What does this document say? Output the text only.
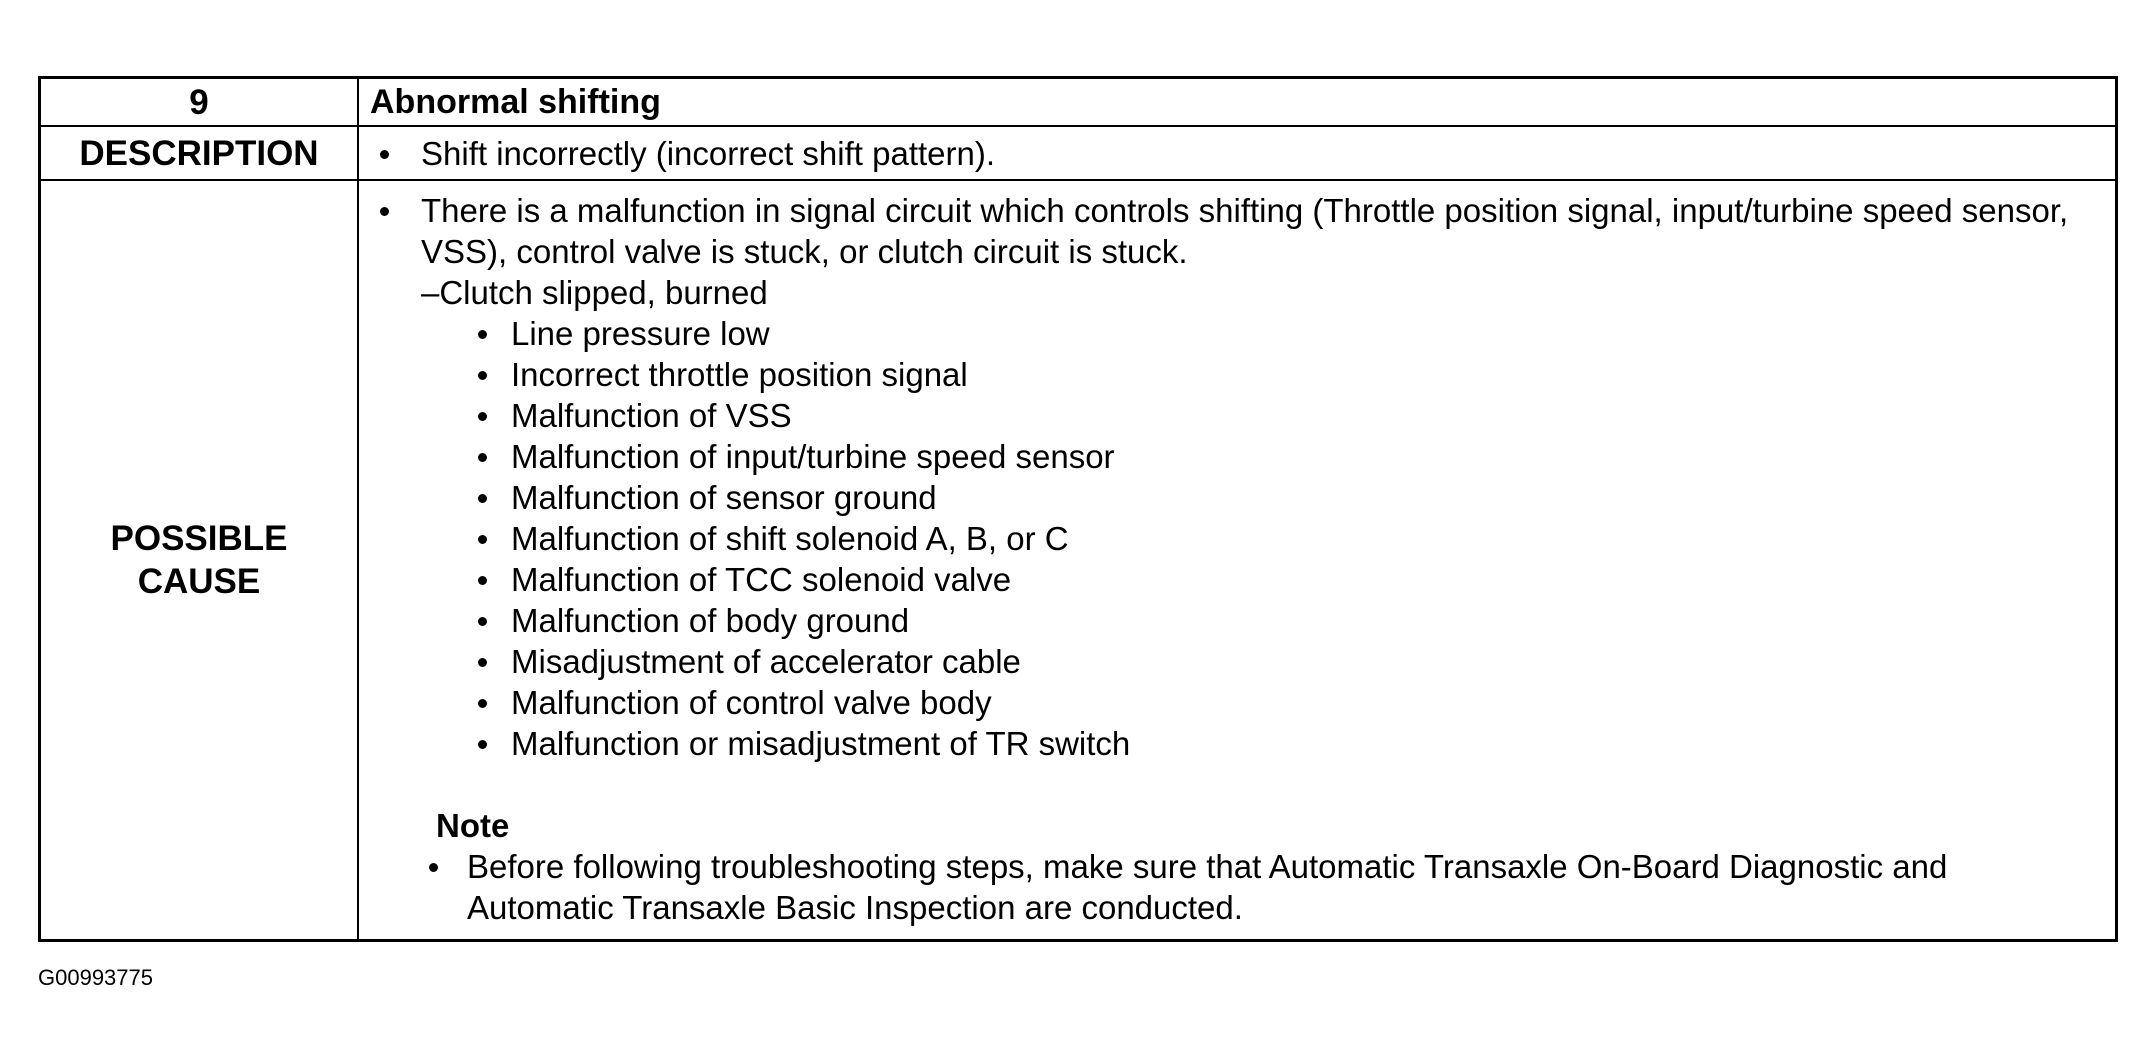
9	Abnormal shifting
DESCRIPTION	Shift incorrectly (incorrect shift pattern).
POSSIBLE
CAUSE
There is a malfunction in signal circuit which controls shifting (Throttle position signal, input/turbine speed sensor, VSS), control valve is stuck, or clutch circuit is stuck.
–Clutch slipped, burned
Line pressure low
Incorrect throttle position signal
Malfunction of VSS
Malfunction of input/turbine speed sensor
Malfunction of sensor ground
Malfunction of shift solenoid A, B, or C
Malfunction of TCC solenoid valve
Malfunction of body ground
Misadjustment of accelerator cable
Malfunction of control valve body
Malfunction or misadjustment of TR switch
Note
Before following troubleshooting steps, make sure that Automatic Transaxle On-Board Diagnostic and Automatic Transaxle Basic Inspection are conducted.
G00993775
